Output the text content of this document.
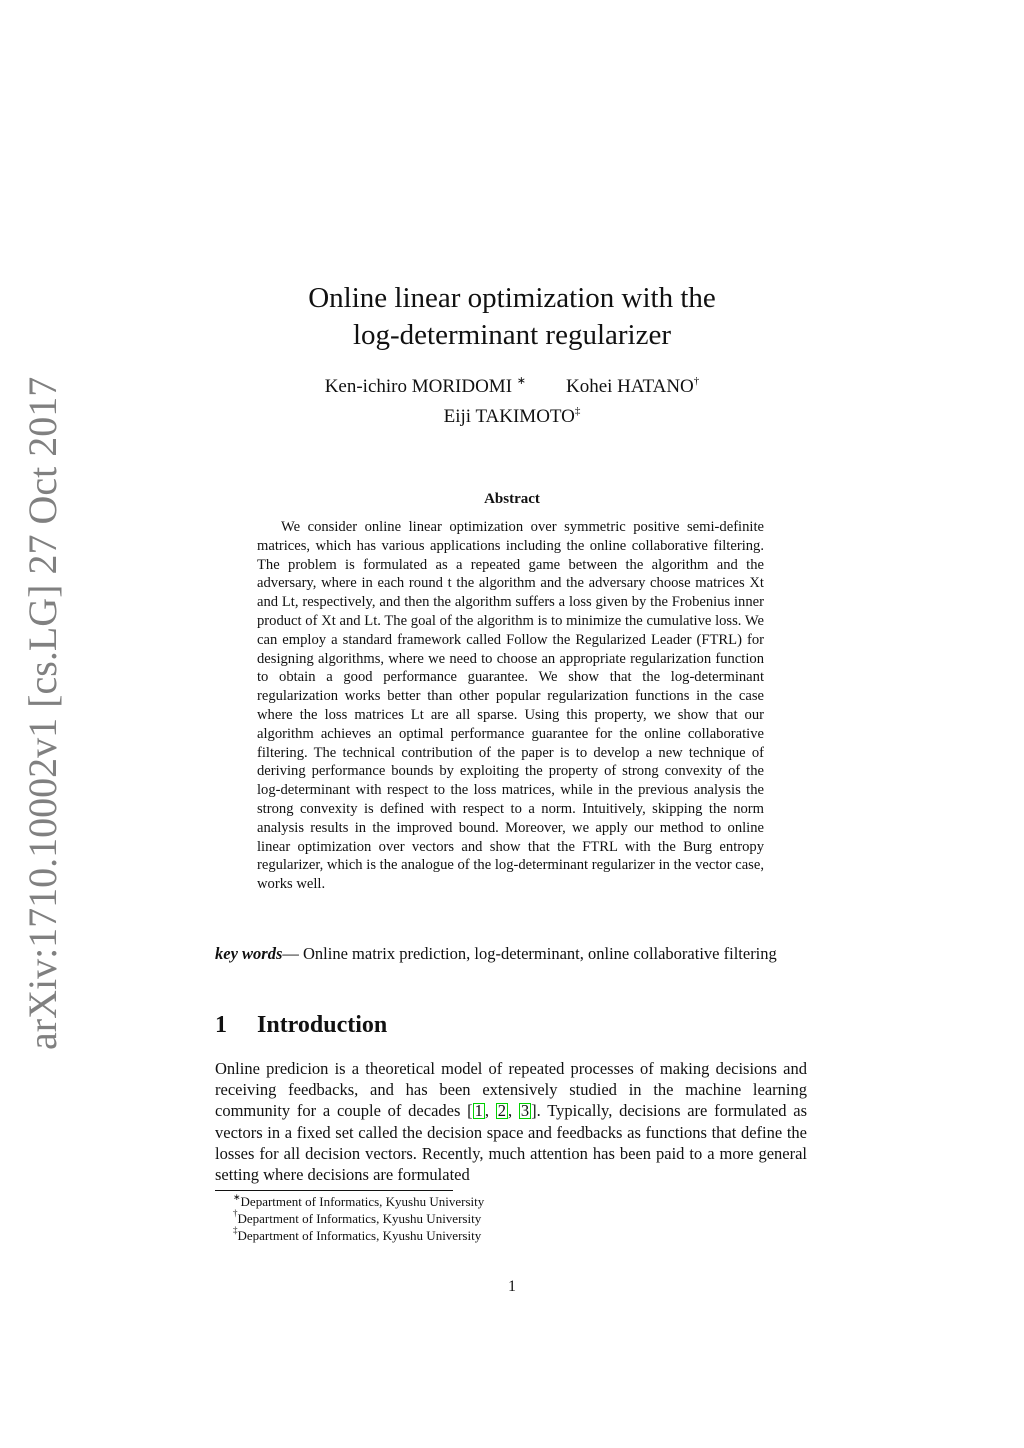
arXiv:1710.10002v1 [cs.LG] 27 Oct 2017
Online linear optimization with the
log-determinant regularizer
Ken-ichiro MORIDOMI ∗ Kohei HATANO†
Eiji TAKIMOTO‡
Abstract

We consider online linear optimization over symmetric positive semi-definite matrices, which has various applications including the online collaborative filtering. The problem is formulated as a repeated game between the algorithm and the adversary, where in each round t the algorithm and the adversary choose matrices Xt and Lt, respectively, and then the algorithm suffers a loss given by the Frobenius inner product of Xt and Lt. The goal of the algorithm is to minimize the cumulative loss. We can employ a standard framework called Follow the Regularized Leader (FTRL) for designing algorithms, where we need to choose an appropriate regularization function to obtain a good performance guarantee. We show that the log-determinant regularization works better than other popular regularization functions in the case where the loss matrices Lt are all sparse. Using this property, we show that our algorithm achieves an optimal performance guarantee for the online collaborative filtering. The technical contribution of the paper is to develop a new technique of deriving performance bounds by exploiting the property of strong convexity of the log-determinant with respect to the loss matrices, while in the previous analysis the strong convexity is defined with respect to a norm. Intuitively, skipping the norm analysis results in the improved bound. Moreover, we apply our method to online linear optimization over vectors and show that the FTRL with the Burg entropy regularizer, which is the analogue of the log-determinant regularizer in the vector case, works well.

key words— Online matrix prediction, log-determinant, online collaborative filtering

1 Introduction

Online predicion is a theoretical model of repeated processes of making decisions and receiving feedbacks, and has been extensively studied in the machine learning community for a couple of decades [ 1 , 2 , 3 ]. Typically, decisions are formulated as vectors in a fixed set called the decision space and feedbacks as functions that define the losses for all decision vectors. Recently, much attention has been paid to a more general setting where decisions are formulated

∗Department of Informatics, Kyushu University
†Department of Informatics, Kyushu University
‡Department of Informatics, Kyushu University
1
